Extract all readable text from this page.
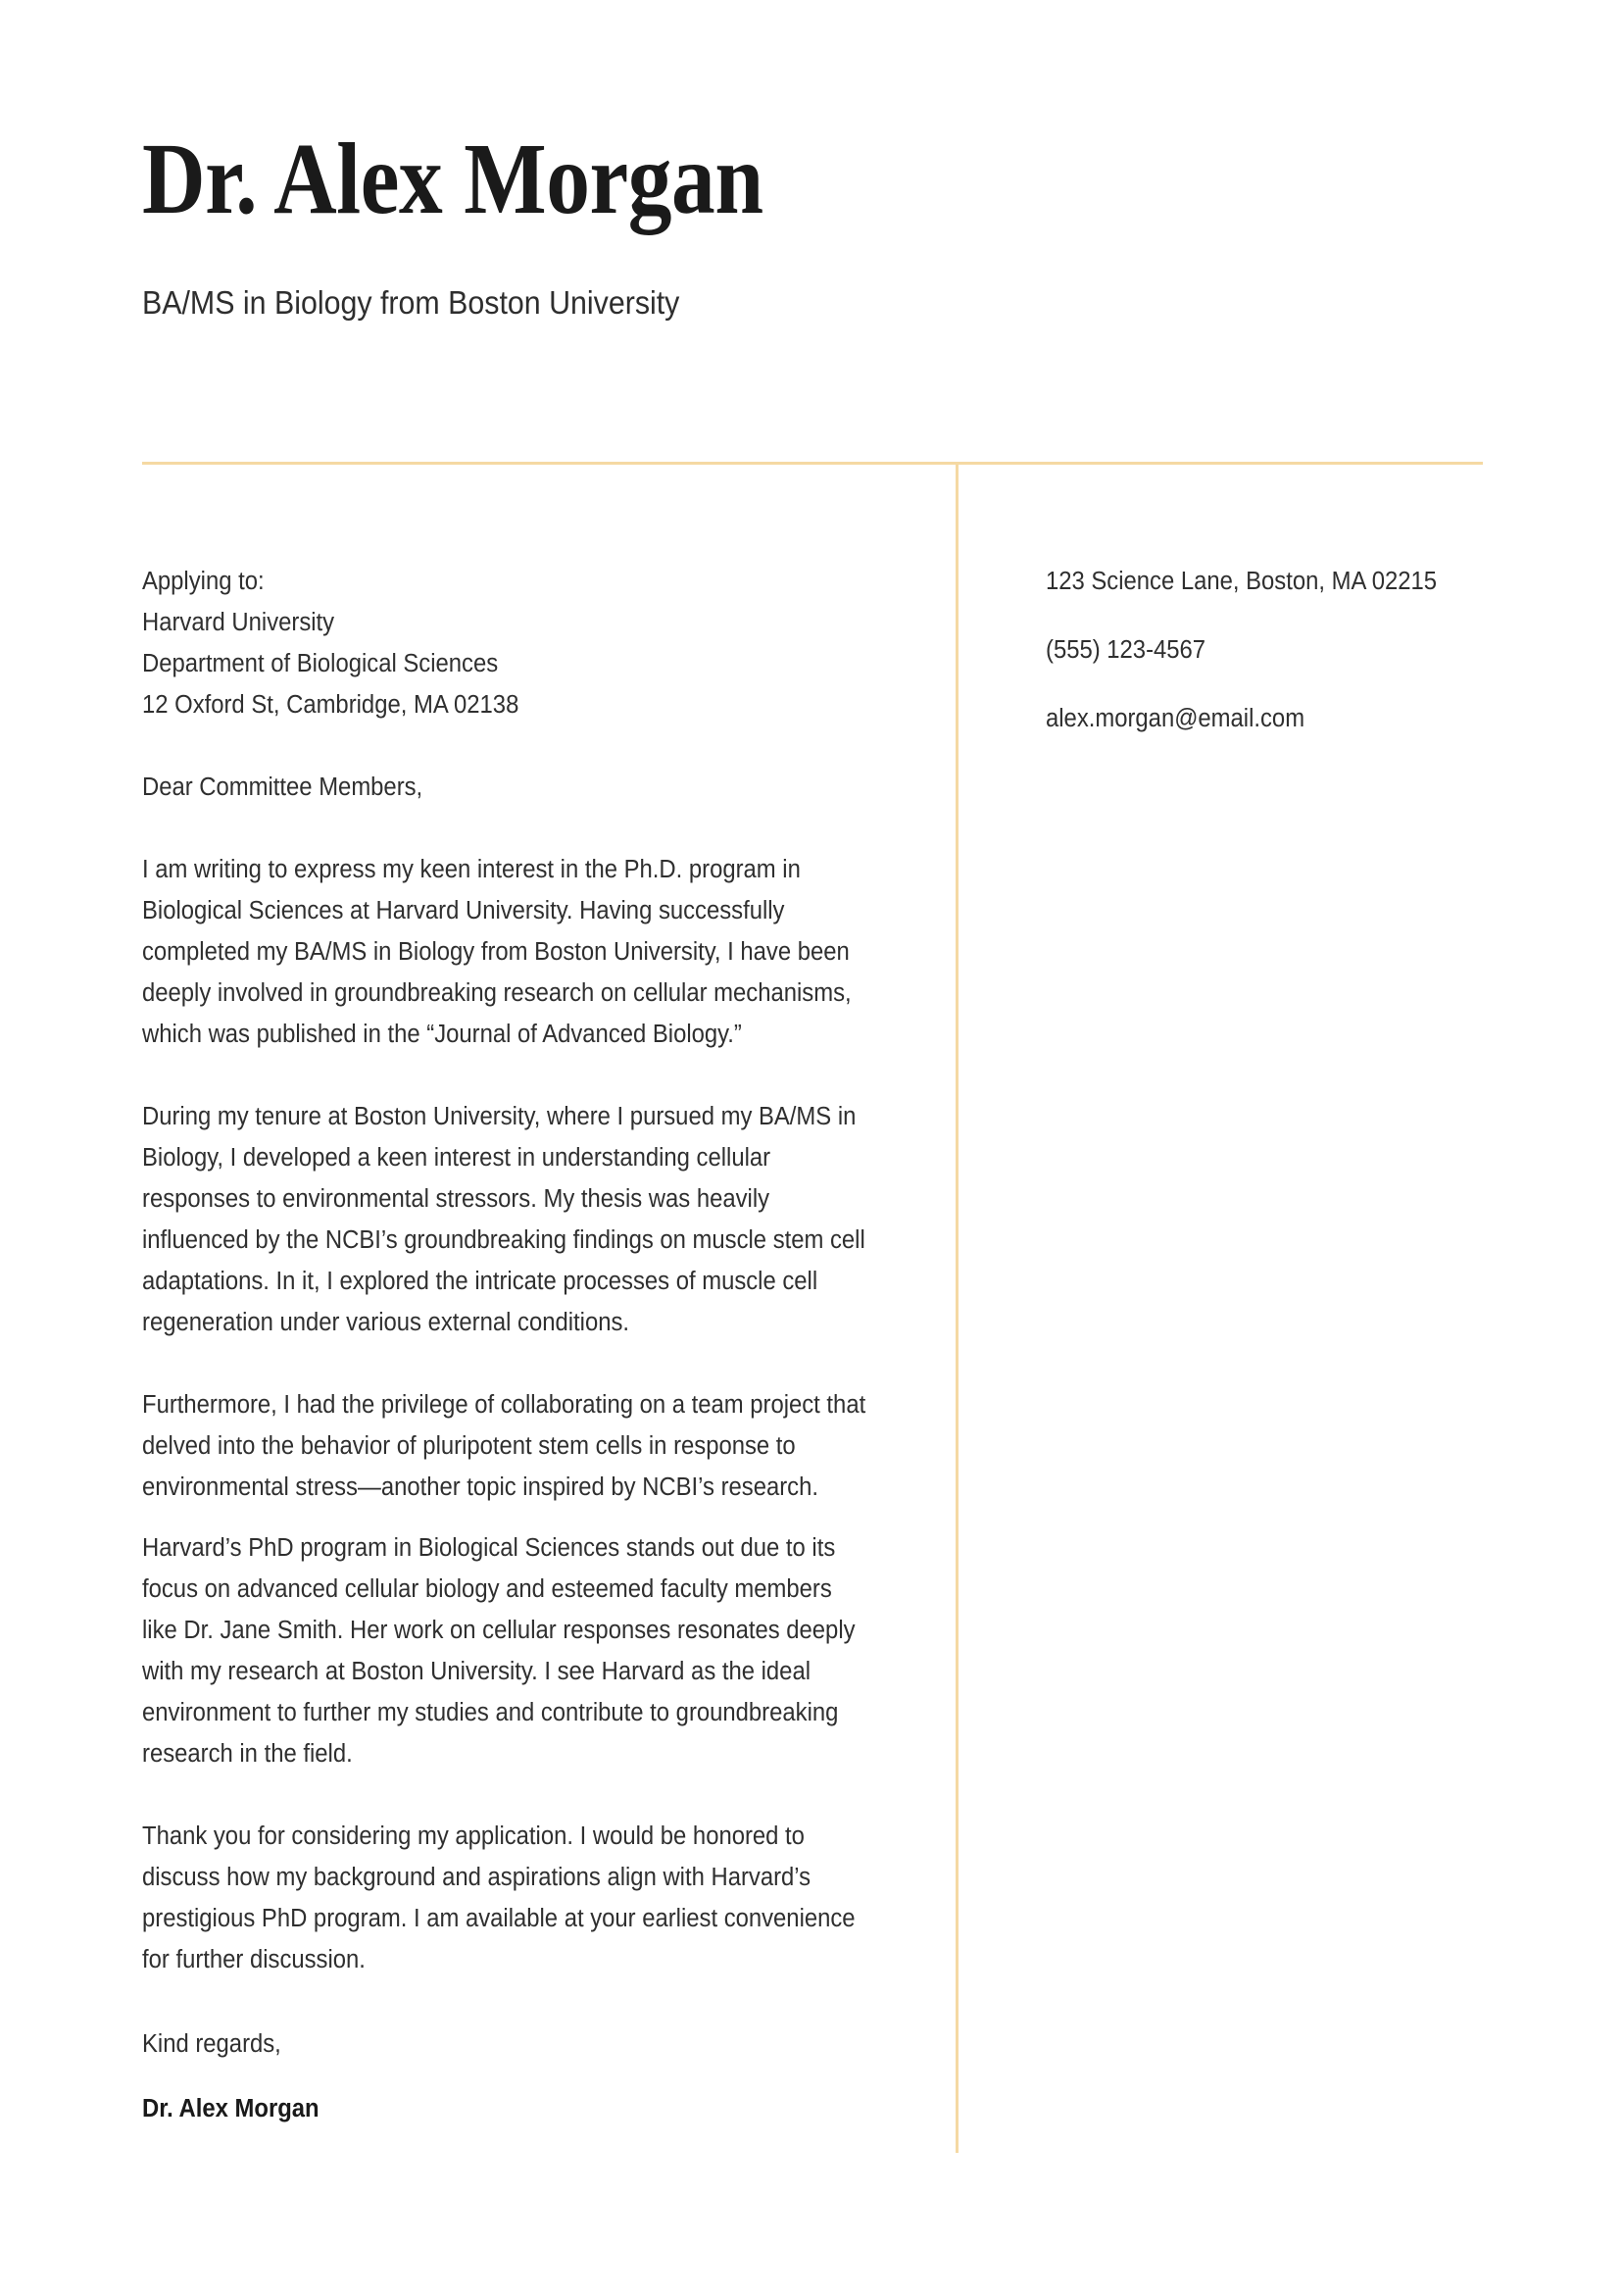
Dr. Alex Morgan

BA/MS in Biology from Boston University

Applying to:
Harvard University
Department of Biological Sciences
12 Oxford St, Cambridge, MA 02138

Dear Committee Members,

I am writing to express my keen interest in the Ph.D. program in Biological Sciences at Harvard University. Having successfully completed my BA/MS in Biology from Boston University, I have been deeply involved in groundbreaking research on cellular mechanisms, which was published in the “Journal of Advanced Biology.”

During my tenure at Boston University, where I pursued my BA/MS in Biology, I developed a keen interest in understanding cellular responses to environmental stressors. My thesis was heavily influenced by the NCBI’s groundbreaking findings on muscle stem cell adaptations. In it, I explored the intricate processes of muscle cell regeneration under various external conditions.

Furthermore, I had the privilege of collaborating on a team project that delved into the behavior of pluripotent stem cells in response to environmental stress—another topic inspired by NCBI’s research.

Harvard’s PhD program in Biological Sciences stands out due to its focus on advanced cellular biology and esteemed faculty members like Dr. Jane Smith. Her work on cellular responses resonates deeply with my research at Boston University. I see Harvard as the ideal environment to further my studies and contribute to groundbreaking research in the field.

Thank you for considering my application. I would be honored to discuss how my background and aspirations align with Harvard’s prestigious PhD program. I am available at your earliest convenience for further discussion.

Kind regards,

Dr. Alex Morgan

123 Science Lane, Boston, MA 02215
(555) 123-4567
alex.morgan@email.com
